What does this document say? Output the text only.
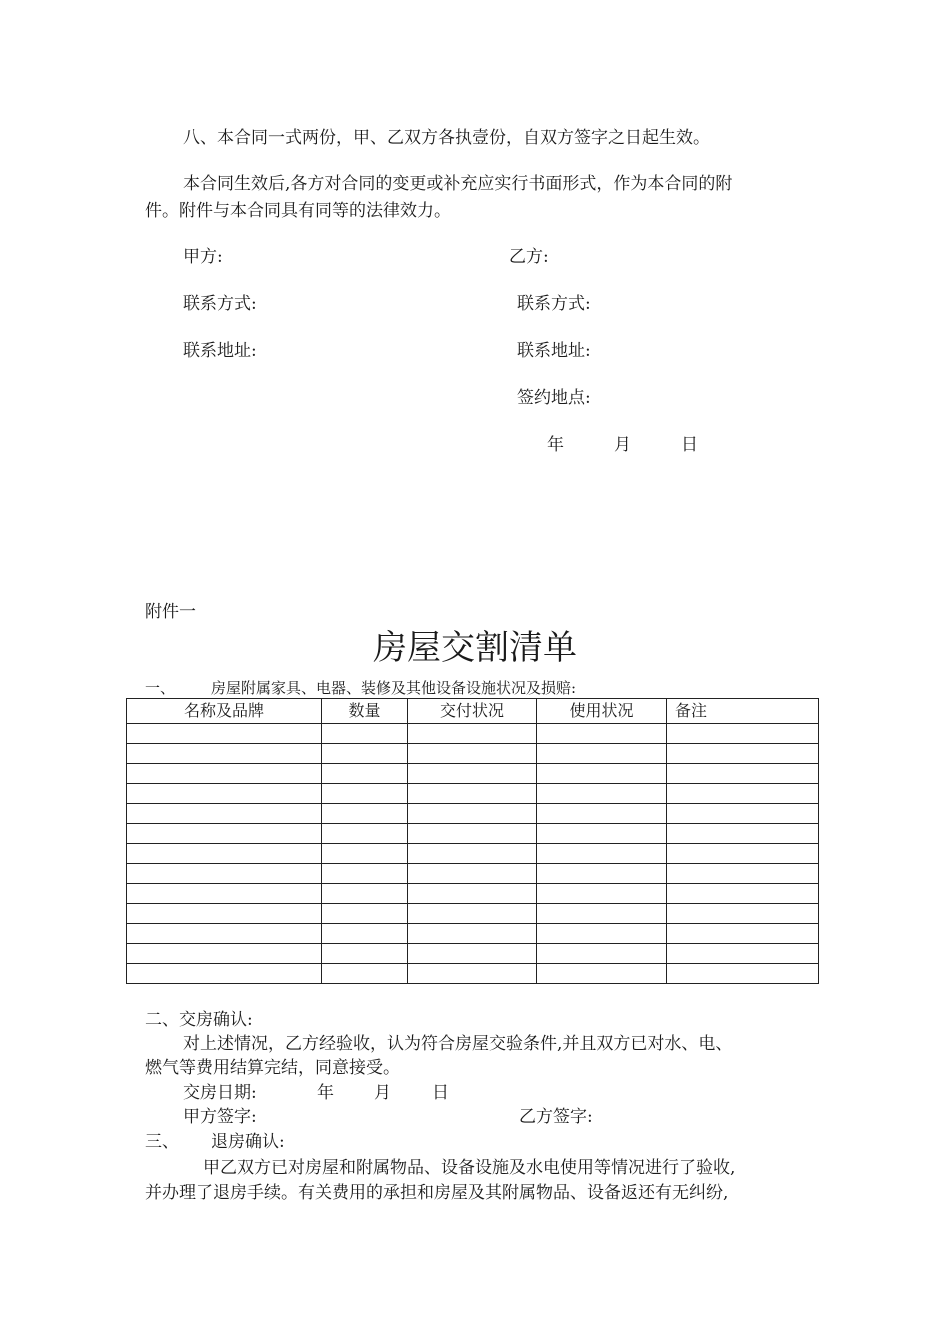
八、本合同一式两份，甲、乙双方各执壹份，自双方签字之日起生效。
本合同生效后,各方对合同的变更或补充应实行书面形式，作为本合同的附
件。附件与本合同具有同等的法律效力。
甲方:	乙方:
联系方式:	联系方式:
联系地址:	联系地址:
签约地点:
年	月	日
附件一
房屋交割清单
一、 房屋附属家具、电器、装修及其他设备设施状况及损赔:
名称及品牌	数量	交付状况	使用状况	备注

二、交房确认:
对上述情况，乙方经验收，认为符合房屋交验条件,并且双方已对水、电、
燃气等费用结算完结，同意接受。
交房日期:	年 月 日
甲方签字:	乙方签字:
三、 退房确认:
甲乙双方已对房屋和附属物品、设备设施及水电使用等情况进行了验收,
并办理了退房手续。有关费用的承担和房屋及其附属物品、设备返还有无纠纷,
